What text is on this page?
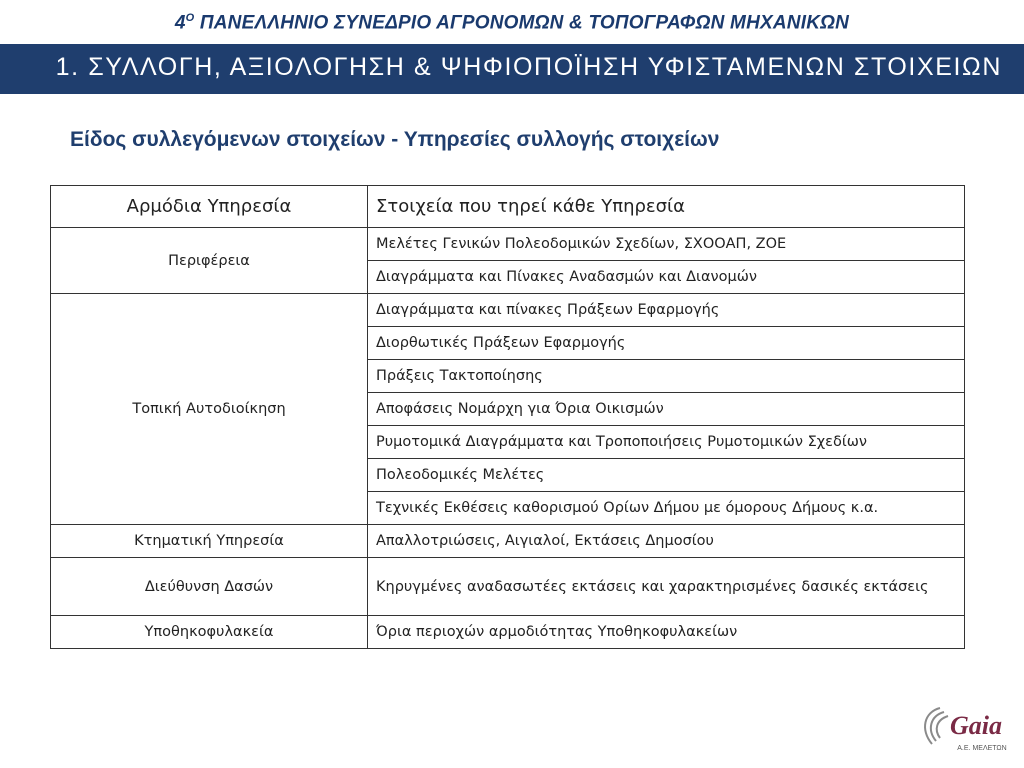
$4^O$ ΠΑΝΕΛΛΗΝΙΟ ΣΥΝΕΔΡΙΟ ΑΓΡΟΝΟΜΩΝ & ΤΟΠΟΓΡΑΦΩΝ ΜΗΧΑΝΙΚΩΝ
1. ΣΥΛΛΟΓΗ, ΑΞΙΟΛΟΓΗΣΗ & ΨΗΦΙΟΠΟΪΗΣΗ ΥΦΙΣΤΑΜΕΝΩΝ ΣΤΟΙΧΕΙΩΝ
Είδος συλλεγόμενων στοιχείων - Υπηρεσίες συλλογής στοιχείων
Αρμόδια Υπηρεσία	Στοιχεία που τηρεί κάθε Υπηρεσία
Περιφέρεια	Μελέτες Γενικών Πολεοδομικών Σχεδίων, ΣΧΟΟΑΠ, ΖΟΕ
	Διαγράμματα και Πίνακες Αναδασμών και Διανομών
Τοπική Αυτοδιοίκηση	Διαγράμματα και πίνακες Πράξεων Εφαρμογής
	Διορθωτικές Πράξεων Εφαρμογής
	Πράξεις Τακτοποίησης
	Αποφάσεις Νομάρχη για Όρια Οικισμών
	Ρυμοτομικά Διαγράμματα και Τροποποιήσεις Ρυμοτομικών Σχεδίων
	Πολεοδομικές Μελέτες
	Τεχνικές Εκθέσεις καθορισμού Ορίων Δήμου με όμορους Δήμους κ.α.
Κτηματική Υπηρεσία	Απαλλοτριώσεις, Αιγιαλοί, Εκτάσεις Δημοσίου
Διεύθυνση Δασών	Κηρυγμένες αναδασωτέες εκτάσεις και χαρακτηρισμένες δασικές εκτάσεις
Υποθηκοφυλακεία	Όρια περιοχών αρμοδιότητας Υποθηκοφυλακείων
Gaia
Α.Ε. ΜΕΛΕΤΩΝ
